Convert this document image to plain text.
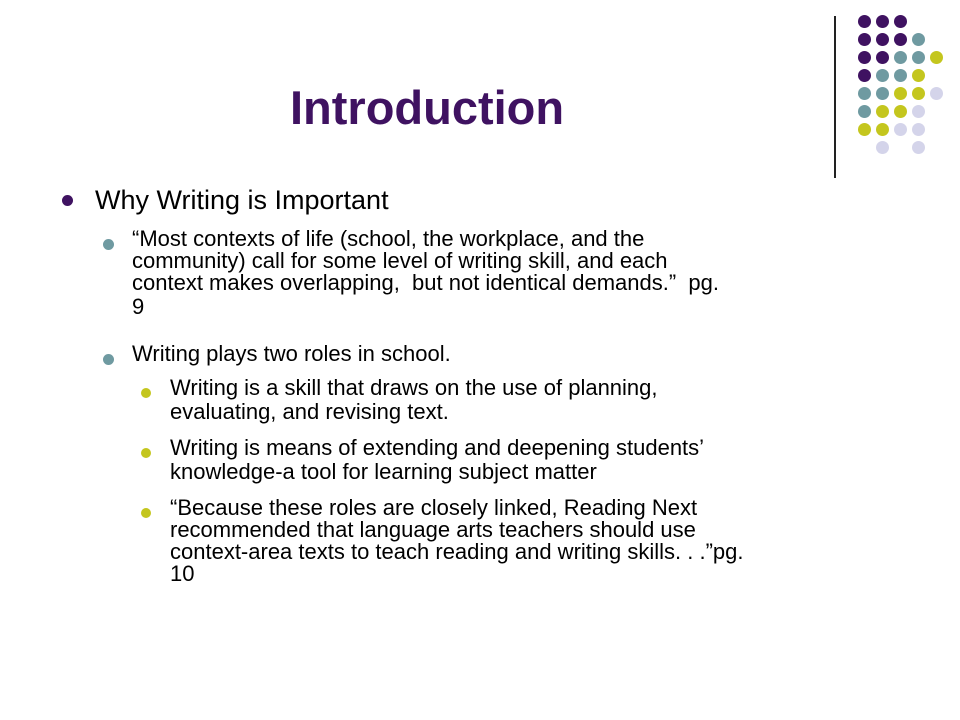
Introduction

Why Writing is Important

“Most contexts of life (school, the workplace, and the

community) call for some level of writing skill, and each

context makes overlapping,  but not identical demands.”  pg.

9

Writing plays two roles in school.

Writing is a skill that draws on the use of planning,

evaluating, and revising text.

Writing is means of extending and deepening students’

knowledge-a tool for learning subject matter

“Because these roles are closely linked, Reading Next

recommended that language arts teachers should use

context-area texts to teach reading and writing skills. . .”pg.

10
